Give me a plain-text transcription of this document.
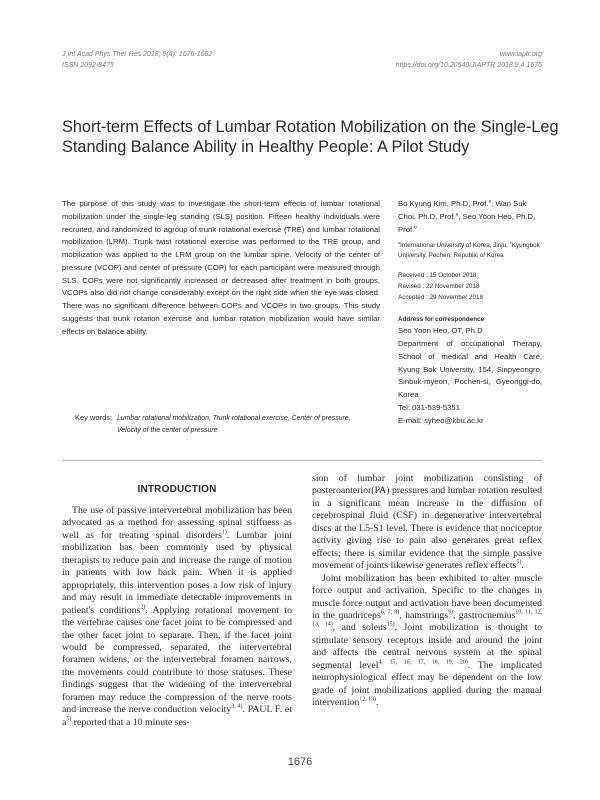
J Int Acad Phys Ther Res 2018; 9(4): 1676-1682
ISSN 2092-8475
www.iaptr.org
https://doi.org/10.20540/JIAPTR.2018.9.4.1676
Short-term Effects of Lumbar Rotation Mobilization on the Single-Leg Standing Balance Ability in Healthy People: A Pilot Study
The purpose of this study was to investigate the short-term effects of lumbar rotational mobilization under the single-leg standing (SLS) position. Fifteen healthy individuals were recruited, and randomized to agroup of trunk rotational exercise (TRE) and lumbar rotational mobilization (LRM). Trunk twist rotational exercise was performed to the TRE group, and mobilization was applied to the LRM group on the lumbar spine. Velocity of the center of pressure (VCOP) and center of pressure (COP) for each participant were measured through SLS. COPs were not significantly increased or decreased after treatment in both groups, VCOPs also did not change considerably except on the right side when the eye was closed. There was no significant difference between COPs and VCOPs in two groups. This study suggests that trunk rotation exercise and lumbar rotation mobilization would have similar effects on balance ability.
Bo Kyung Kim, Ph.D, Prof.$^a$, Wan Suk Choi, Ph.D, Prof.$^a$, Seo Yoon Heo, Ph.D, Prof.$^b$
$^a$International University of Korea, Jinju, $^b$Kyungbok University, Pochen, Republic of Korea
Received : 15 October 2018
Revised : 22 November 2018
Accepted : 29 November 2018
Address for correspondence
Seo Yoon Heo, OT, Ph.D
Department of occupational Therapy, School of medical and Health Care, Kyung Bok University, 154, Sinpyeongro, Sinbuk-myeon, Pochen-si, Gyeonggi-do, Korea
Tel: 031-539-5351
E-mail: syheo@kbu.ac.kr
Key words: Lumbar rotational mobilization, Trunk rotational exercise, Center of pressure, Velocity of the center of pressure
INTRODUCTION

The use of passive intervertebral mobilization has been advocated as a method for assessing spinal stiffness as well as for treating spinal disorders$^{1)}$. Lumbar joint mobilization has been commonly used by physical therapists to reduce pain and increase the range of motion in patients with low back pain. When it is applied appropriately, this intervention poses a low risk of injury and may result in immediate detectable improvements in patient's conditions$^{2)}$. Applying rotational movement to the vertebrae causes one facet joint to be compressed and the other facet joint to separate. Then, if the facet joint would be compressed, separated, the intervertebral foramen widens, or the intervertebral foramen narrows, the movements could contribute to those statuses. These findings suggest that the widening of the intervertebral foramen may reduce the compression of the nerve roots and increase the nerve conduction velocity$^{3, 4)}$. PAUL F. et $a^{5)}$ reported that a 10 minute ses-

sion of lumbar joint mobilization consisting of posteroanterior(PA) pressures and lumbar rotation resulted in a significant mean increase in the diffusion of cerebrospinal fluid (CSF) in degenerative intervertebral discs at the L5-S1 level. There is evidence that nociceptor activity giving rise to pain also generates great reflex effects; there is similar evidence that the simple passive movement of joints likewise generates reflex effects$^{5)}$.

Joint mobilization has been exhibited to alter muscle force output and activation. Specific to the changes in muscle force output and activation have been documented in the quadriceps$^{6, 7, 8)}$, hamstrings$^{9)}$, gastrocnemius$^{10, 11, 12, 13, 14)}$, and soleus$^{15)}$. Joint mobilization is thought to stimulate sensory receptors inside and around the joint and affects the central nervous system at the spinal segmental level$^{4, 15, 16, 17, 18, 19, 20)}$. The implicated neurophysiological effect may be dependent on the low grade of joint mobilizations applied during the manual intervention$^{12, 13)}$.

1676
